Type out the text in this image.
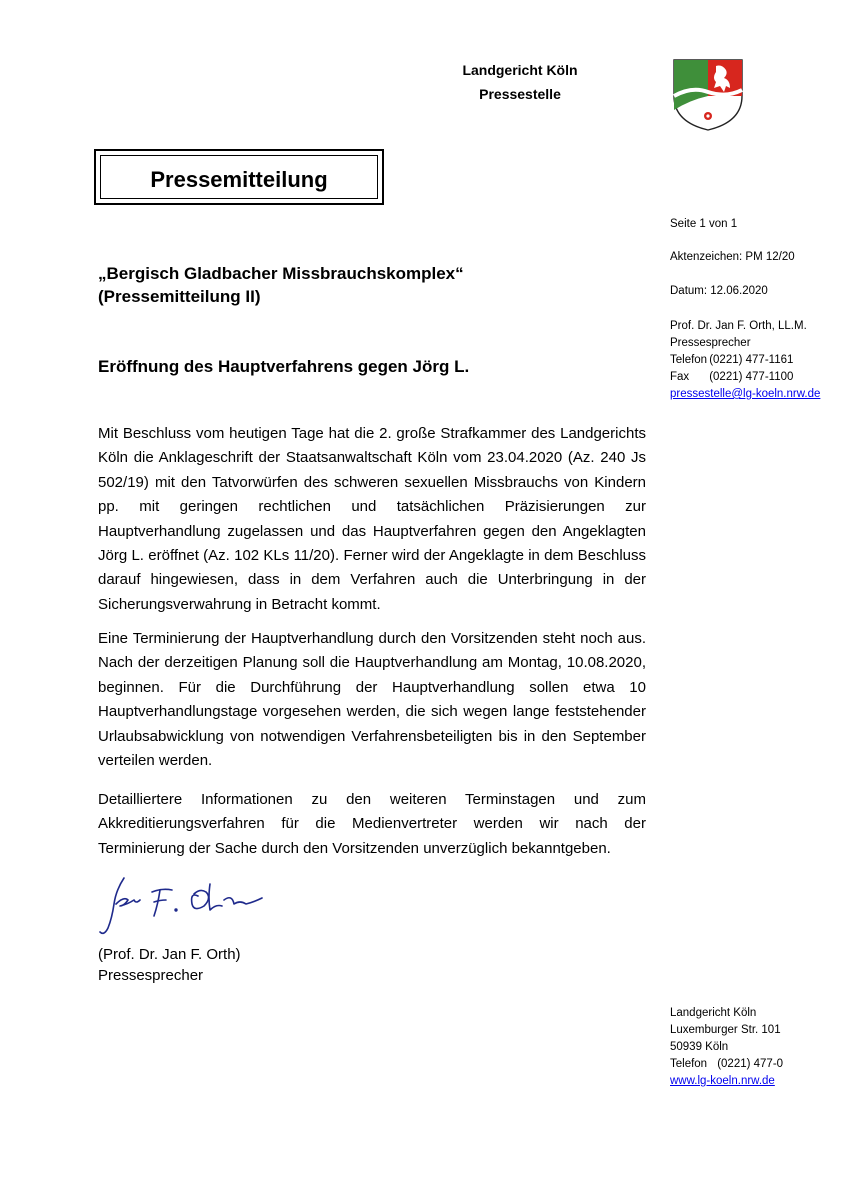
Landgericht Köln
Pressestelle
Pressemitteilung
Seite 1 von 1
Aktenzeichen: PM 12/20
Datum: 12.06.2020
Prof. Dr. Jan F. Orth, LL.M.
Pressesprecher
Telefon (0221) 477-1161
Fax (0221) 477-1100
pressestelle@lg-koeln.nrw.de
„Bergisch Gladbacher Missbrauchskomplex“
(Pressemitteilung II)
Eröffnung des Hauptverfahrens gegen Jörg L.
Mit Beschluss vom heutigen Tage hat die 2. große Strafkammer des Landgerichts Köln die Anklageschrift der Staatsanwaltschaft Köln vom 23.04.2020 (Az. 240 Js 502/19) mit den Tatvorwürfen des schweren sexuellen Missbrauchs von Kindern pp. mit geringen rechtlichen und tatsächlichen Präzisierungen zur Hauptverhandlung zugelassen und das Hauptverfahren gegen den Angeklagten Jörg L. eröffnet (Az. 102 KLs 11/20). Ferner wird der Angeklagte in dem Beschluss darauf hingewiesen, dass in dem Verfahren auch die Unterbringung in der Sicherungsverwahrung in Betracht kommt.
Eine Terminierung der Hauptverhandlung durch den Vorsitzenden steht noch aus. Nach der derzeitigen Planung soll die Hauptverhandlung am Montag, 10.08.2020, beginnen. Für die Durchführung der Hauptverhandlung sollen etwa 10 Hauptverhandlungstage vorgesehen werden, die sich wegen lange feststehender Urlaubsabwicklung von notwendigen Verfahrensbeteiligten bis in den September verteilen werden.
Detailliertere Informationen zu den weiteren Terminstagen und zum Akkreditierungsverfahren für die Medienvertreter werden wir nach der Terminierung der Sache durch den Vorsitzenden unverzüglich bekanntgeben.
(Prof. Dr. Jan F. Orth)
Pressesprecher
Landgericht Köln
Luxemburger Str. 101
50939 Köln
Telefon (0221) 477-0
www.lg-koeln.nrw.de
